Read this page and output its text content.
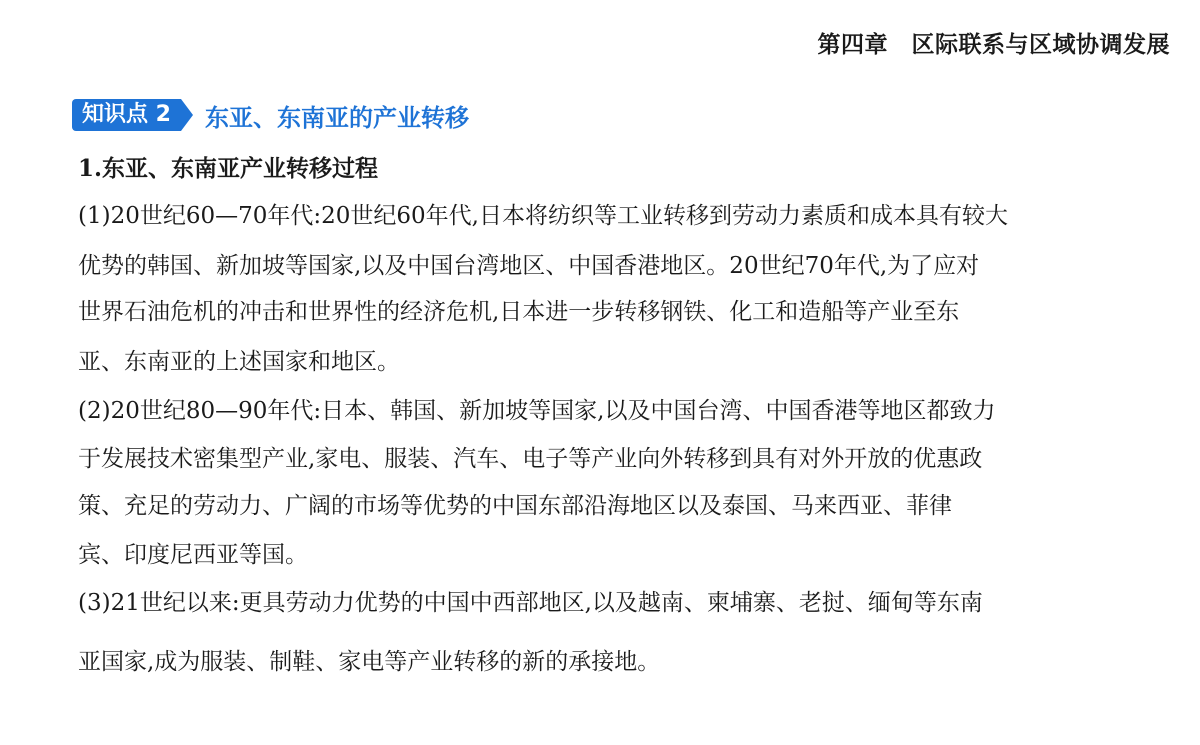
第四章　区际联系与区域协调发展
知识点 2	东亚、东南亚的产业转移
1.东亚、东南亚产业转移过程
(1)20世纪60—70年代:20世纪60年代,日本将纺织等工业转移到劳动力素质和成本具有较大
优势的韩国、新加坡等国家,以及中国台湾地区、中国香港地区。20世纪70年代,为了应对
世界石油危机的冲击和世界性的经济危机,日本进一步转移钢铁、化工和造船等产业至东
亚、东南亚的上述国家和地区。
(2)20世纪80—90年代:日本、韩国、新加坡等国家,以及中国台湾、中国香港等地区都致力
于发展技术密集型产业,家电、服装、汽车、电子等产业向外转移到具有对外开放的优惠政
策、充足的劳动力、广阔的市场等优势的中国东部沿海地区以及泰国、马来西亚、菲律
宾、印度尼西亚等国。
(3)21世纪以来:更具劳动力优势的中国中西部地区,以及越南、柬埔寨、老挝、缅甸等东南
亚国家,成为服装、制鞋、家电等产业转移的新的承接地。
